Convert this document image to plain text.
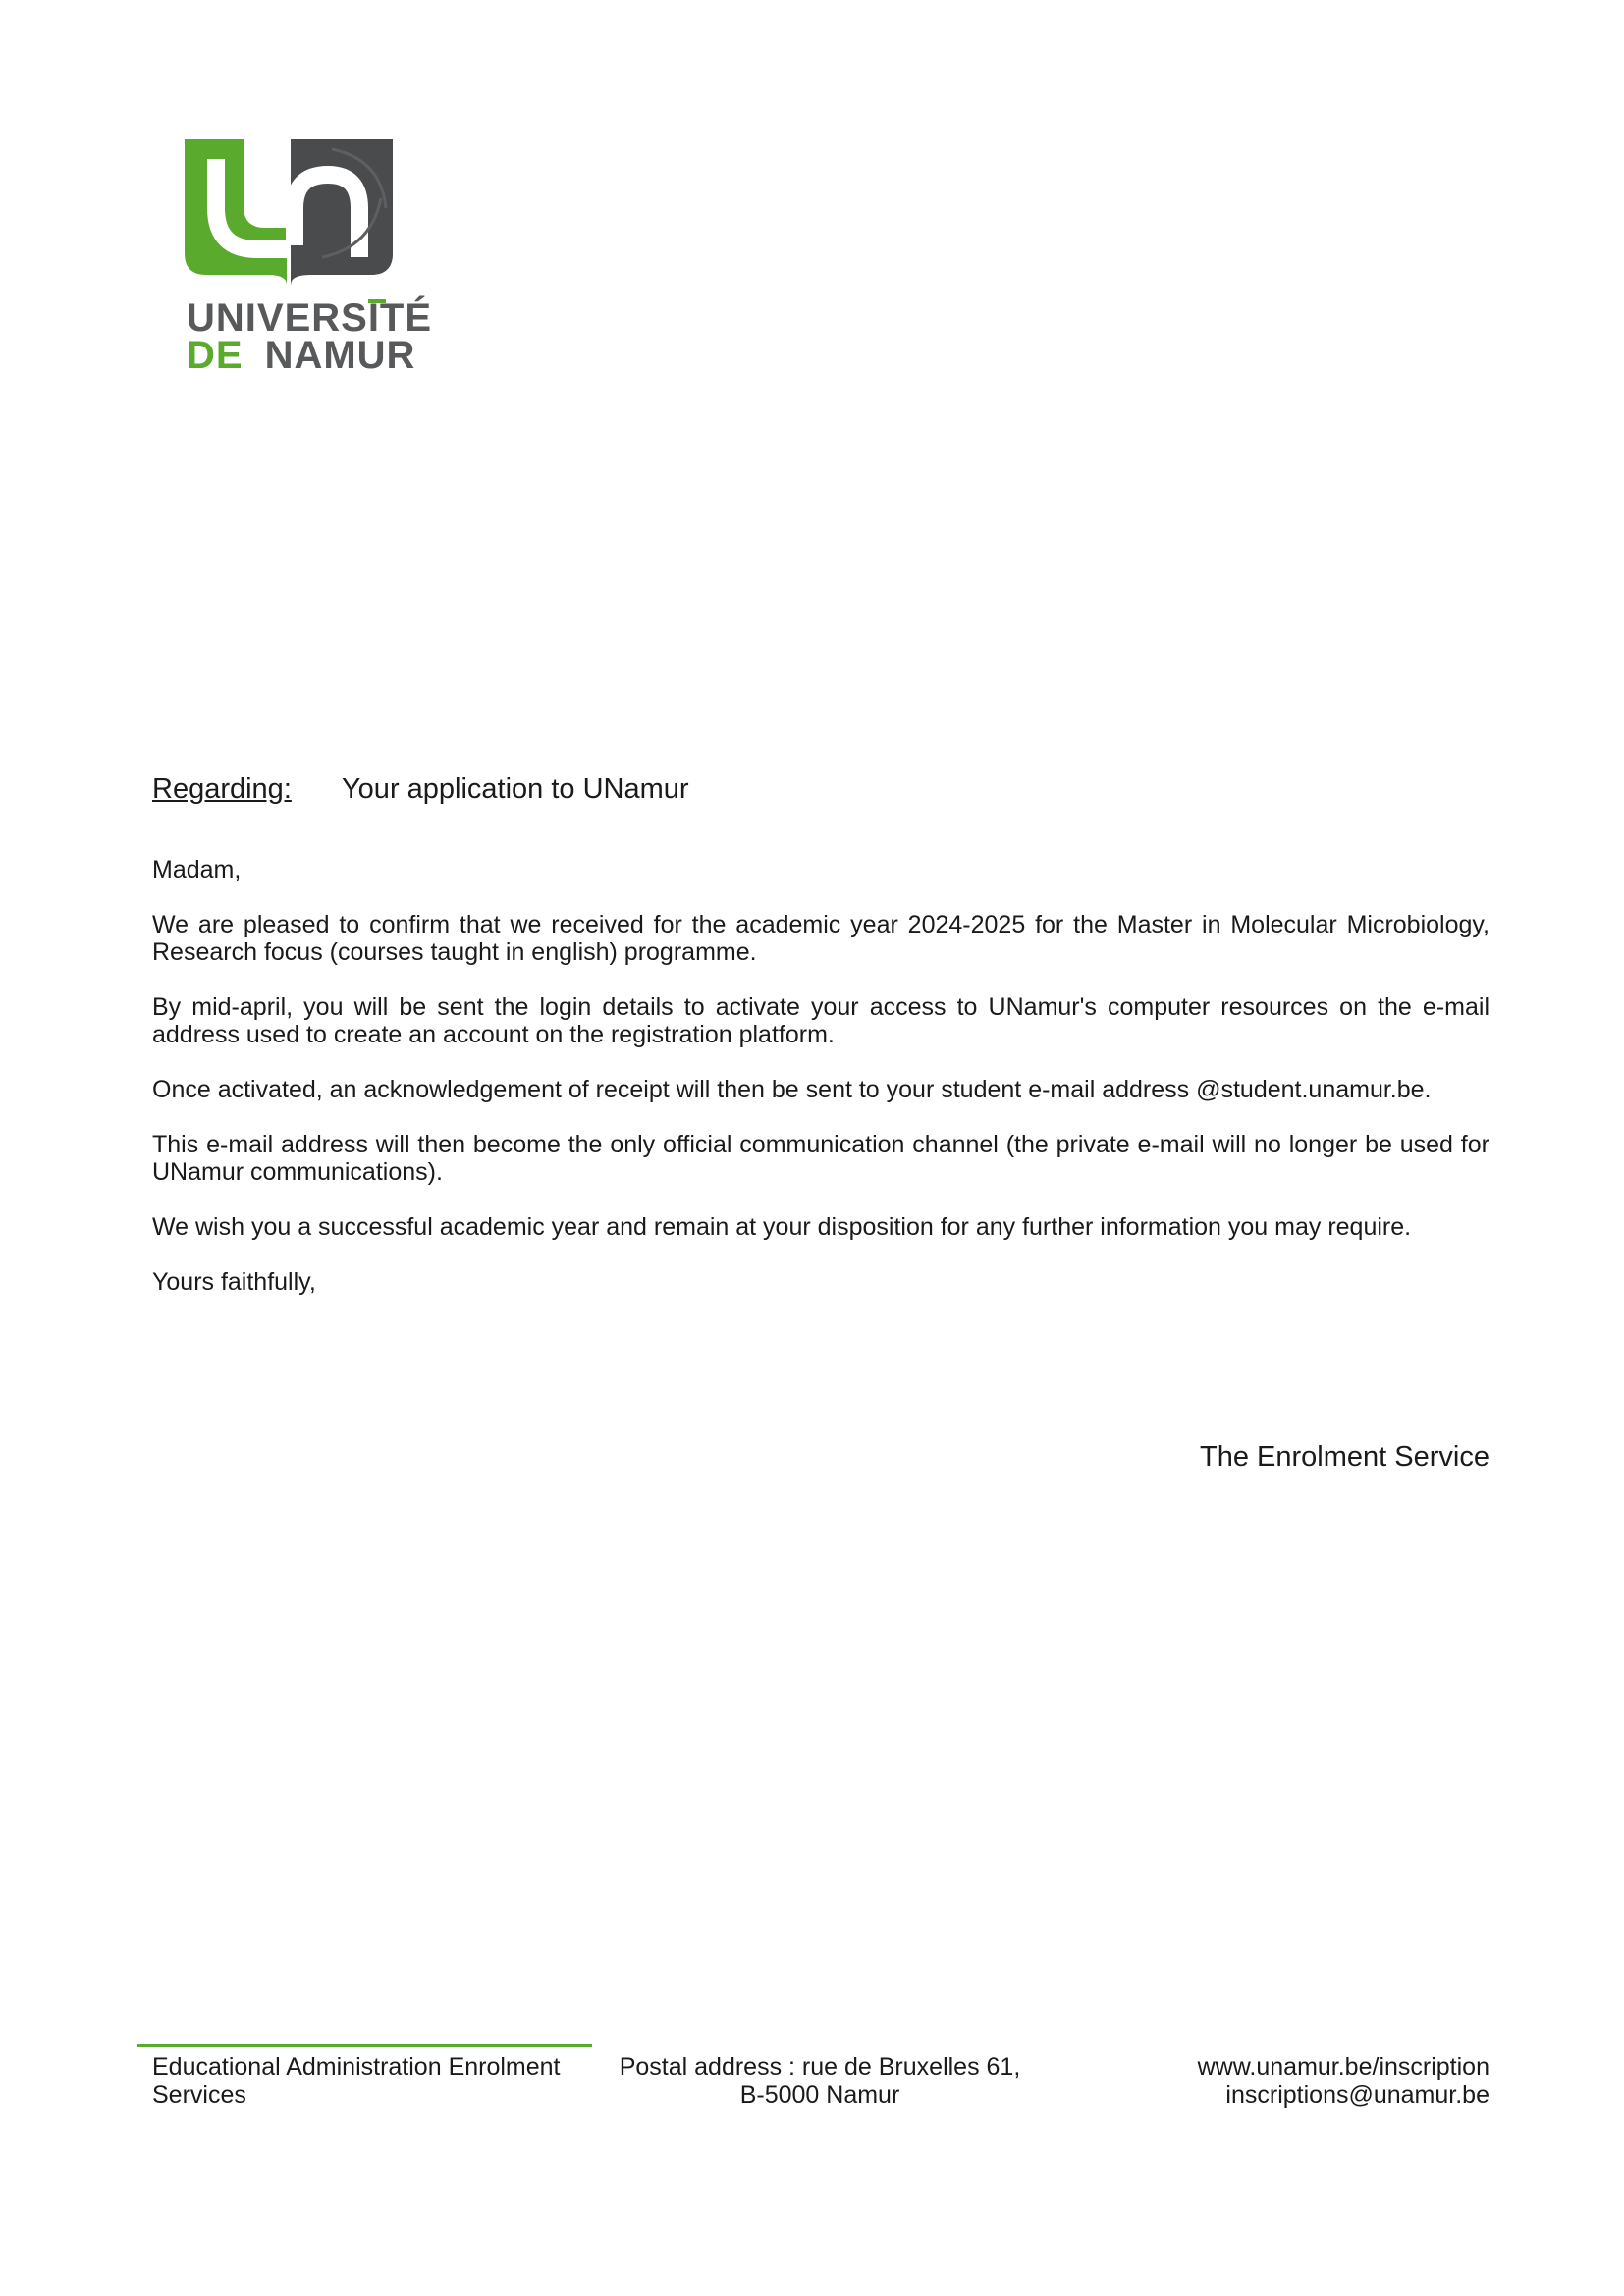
UNIVERSITÉ
DE NAMUR
Regarding: Your application to UNamur
Madam,
We are pleased to confirm that we received for the academic year 2024-2025 for the Master in Molecular Microbiology, Research focus (courses taught in english) programme.
By mid-april, you will be sent the login details to activate your access to UNamur's computer resources on the e-mail address used to create an account on the registration platform.
Once activated, an acknowledgement of receipt will then be sent to your student e-mail address @student.unamur.be.
This e-mail address will then become the only official communication channel (the private e-mail will no longer be used for UNamur communications).
We wish you a successful academic year and remain at your disposition for any further information you may require.
Yours faithfully,
The Enrolment Service
Educational Administration Enrolment
Services
Postal address : rue de Bruxelles 61,
B-5000 Namur
www.unamur.be/inscription
inscriptions@unamur.be
